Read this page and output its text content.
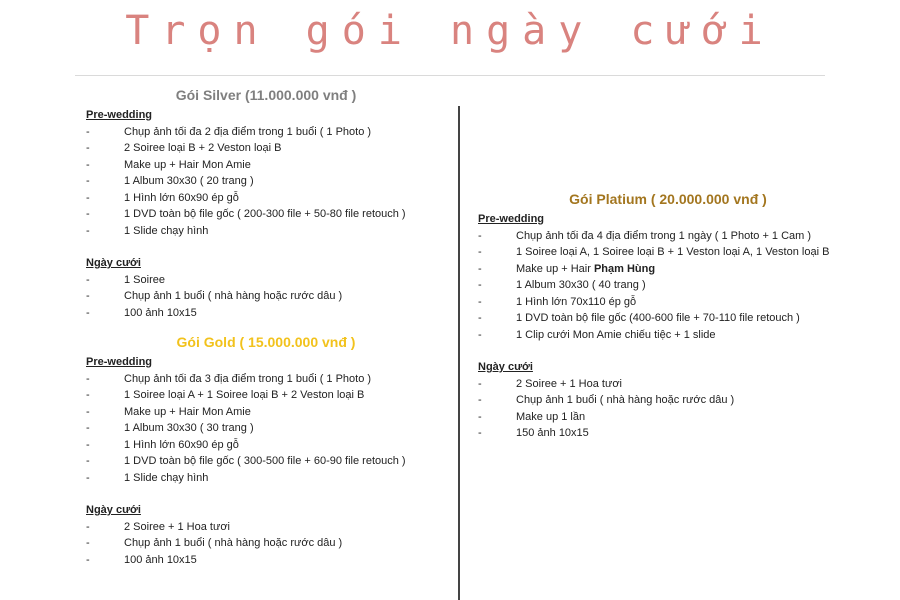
Trọn gói ngày cưới
Gói Silver (11.000.000 vnđ )
Pre-wedding
-	Chụp ảnh tối đa 2 địa điểm trong 1 buổi ( 1 Photo )
-	2 Soiree loại B + 2 Veston loại B
-	Make up + Hair Mon Amie
-	1 Album 30x30 ( 20 trang )
-	1 Hình lớn 60x90 ép gỗ
-	1 DVD toàn bộ file gốc ( 200-300 file + 50-80 file retouch )
-	1 Slide chạy hình
Ngày cưới
-	1 Soiree
-	Chụp ảnh 1 buổi ( nhà hàng hoặc rước dâu )
-	100 ảnh 10x15
Gói Gold ( 15.000.000 vnđ )
Pre-wedding
-	Chụp ảnh tối đa 3 địa điểm trong 1 buổi ( 1 Photo )
-	1 Soiree loại A + 1 Soiree loại B + 2 Veston loại B
-	Make up + Hair Mon Amie
-	1 Album 30x30 ( 30 trang )
-	1 Hình lớn 60x90 ép gỗ
-	1 DVD toàn bộ file gốc ( 300-500 file + 60-90 file retouch )
-	1 Slide chạy hình
Ngày cưới
-	2 Soiree + 1 Hoa tươi
-	Chụp ảnh 1 buổi ( nhà hàng hoặc rước dâu )
-	100 ảnh 10x15
Gói Platium ( 20.000.000 vnđ )
Pre-wedding
-	Chụp ảnh tối đa 4 địa điểm trong 1 ngày ( 1 Photo + 1 Cam )
-	1 Soiree loại A, 1 Soiree loại B + 1 Veston loại A, 1 Veston loại B
-	Make up + Hair Phạm Hùng
-	1 Album 30x30 ( 40 trang )
-	1 Hình lớn 70x110 ép gỗ
-	1 DVD toàn bộ file gốc (400-600 file + 70-110 file retouch )
-	1 Clip cưới Mon Amie chiếu tiệc + 1 slide
Ngày cưới
-	2 Soiree + 1 Hoa tươi
-	Chụp ảnh 1 buổi ( nhà hàng hoặc rước dâu )
-	Make up 1 lần
-	150 ảnh 10x15
